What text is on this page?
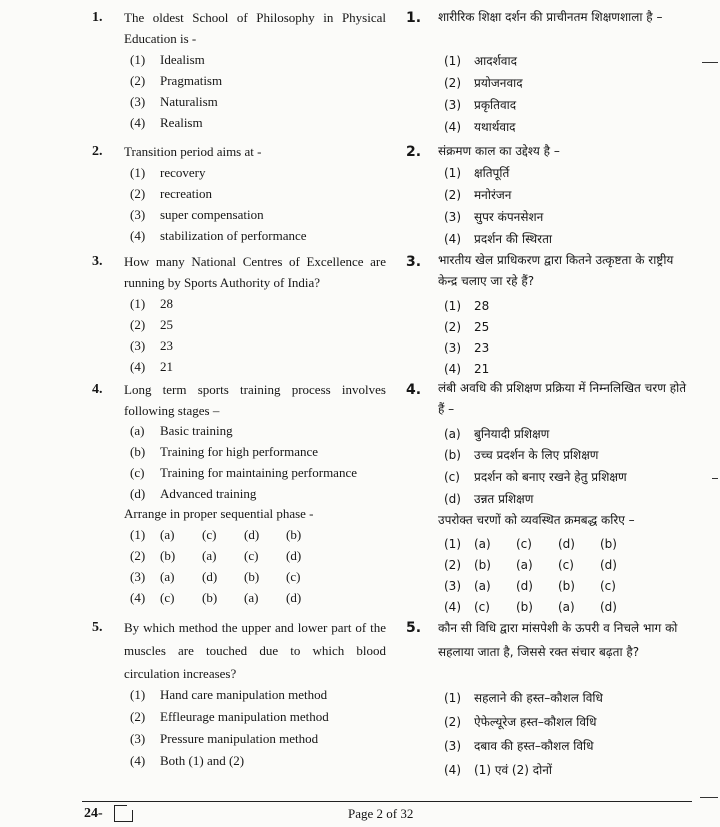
1. The oldest School of Philosophy in Physical Education is -
(1) Idealism
(2) Pragmatism
(3) Naturalism
(4) Realism
2. Transition period aims at -
(1) recovery
(2) recreation
(3) super compensation
(4) stabilization of performance
3. How many National Centres of Excellence are running by Sports Authority of India?
(1) 28
(2) 25
(3) 23
(4) 21
4. Long term sports training process involves following stages –
(a) Basic training
(b) Training for high performance
(c) Training for maintaining performance
(d) Advanced training
Arrange in proper sequential phase -
(1) (a) (c) (d) (b)
(2) (b) (a) (c) (d)
(3) (a) (d) (b) (c)
(4) (c) (b) (a) (d)
5. By which method the upper and lower part of the muscles are touched due to which blood circulation increases?
(1) Hand care manipulation method
(2) Effleurage manipulation method
(3) Pressure manipulation method
(4) Both (1) and (2)
1. शारीरिक शिक्षा दर्शन की प्राचीनतम शिक्षणशाला है –
(1) आदर्शवाद
(2) प्रयोजनवाद
(3) प्रकृतिवाद
(4) यथार्थवाद
2. संक्रमण काल का उद्देश्य है –
(1) क्षतिपूर्ति
(2) मनोरंजन
(3) सुपर कंपनसेशन
(4) प्रदर्शन की स्थिरता
3. भारतीय खेल प्राधिकरण द्वारा कितने उत्कृष्टता के राष्ट्रीय केन्द्र चलाए जा रहे हैं?
(1) 28
(2) 25
(3) 23
(4) 21
4. लंबी अवधि की प्रशिक्षण प्रक्रिया में निम्नलिखित चरण होते हैं –
(a) बुनियादी प्रशिक्षण
(b) उच्च प्रदर्शन के लिए प्रशिक्षण
(c) प्रदर्शन को बनाए रखने हेतु प्रशिक्षण
(d) उन्नत प्रशिक्षण
उपरोक्त चरणों को व्यवस्थित क्रमबद्ध करिए –
(1) (a) (c) (d) (b)
(2) (b) (a) (c) (d)
(3) (a) (d) (b) (c)
(4) (c) (b) (a) (d)
5. कौन सी विधि द्वारा मांसपेशी के ऊपरी व निचले भाग को सहलाया जाता है, जिससे रक्त संचार बढ़ता है?
(1) सहलाने की हस्त–कौशल विधि
(2) ऐफेल्यूरेज हस्त–कौशल विधि
(3) दबाव की हस्त–कौशल विधि
(4) (1) एवं (2) दोनों
24-	Page 2 of 32
